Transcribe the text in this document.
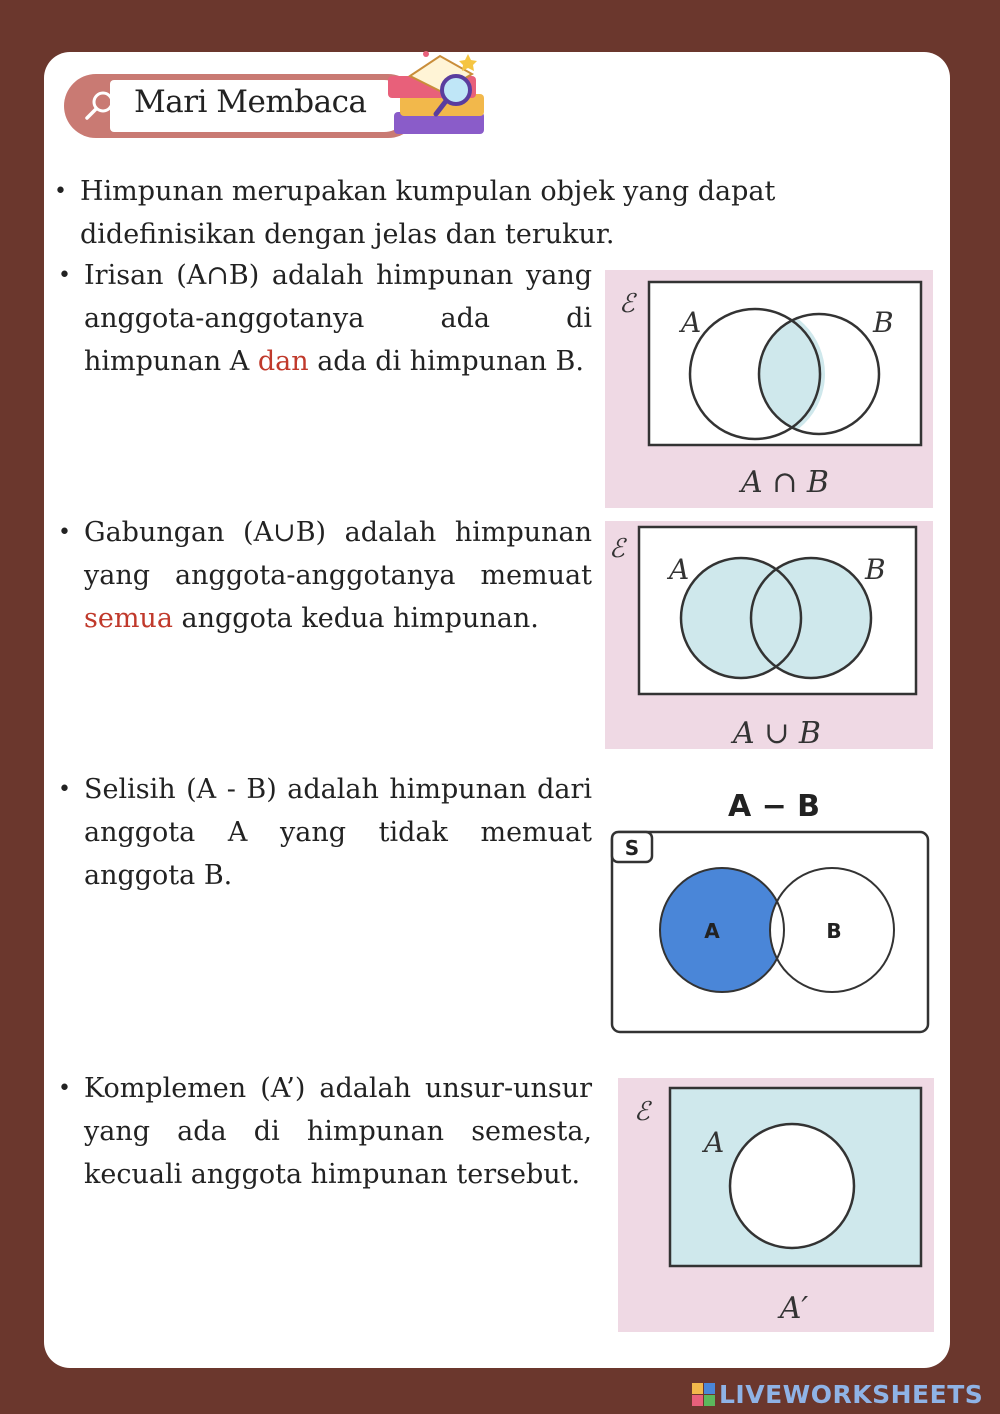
Mari Membaca
• Himpunan merupakan kumpulan objek yang dapat didefinisikan dengan jelas dan terukur.
• Irisan (A∩B) adalah himpunan yang anggota-anggotanya ada di himpunan A dan ada di himpunan B.
ℰ
A	B
A ∩ B
• Gabungan (A∪B) adalah himpunan yang anggota-anggotanya memuat semua anggota kedua himpunan.
ℰ
A	B
A ∪ B
• Selisih (A - B) adalah himpunan dari anggota A yang tidak memuat anggota B.
A − B
S
A	B
• Komplemen (A’) adalah unsur-unsur yang ada di himpunan semesta, kecuali anggota himpunan tersebut.
ℰ
A
A′
LIVEWORKSHEETS
